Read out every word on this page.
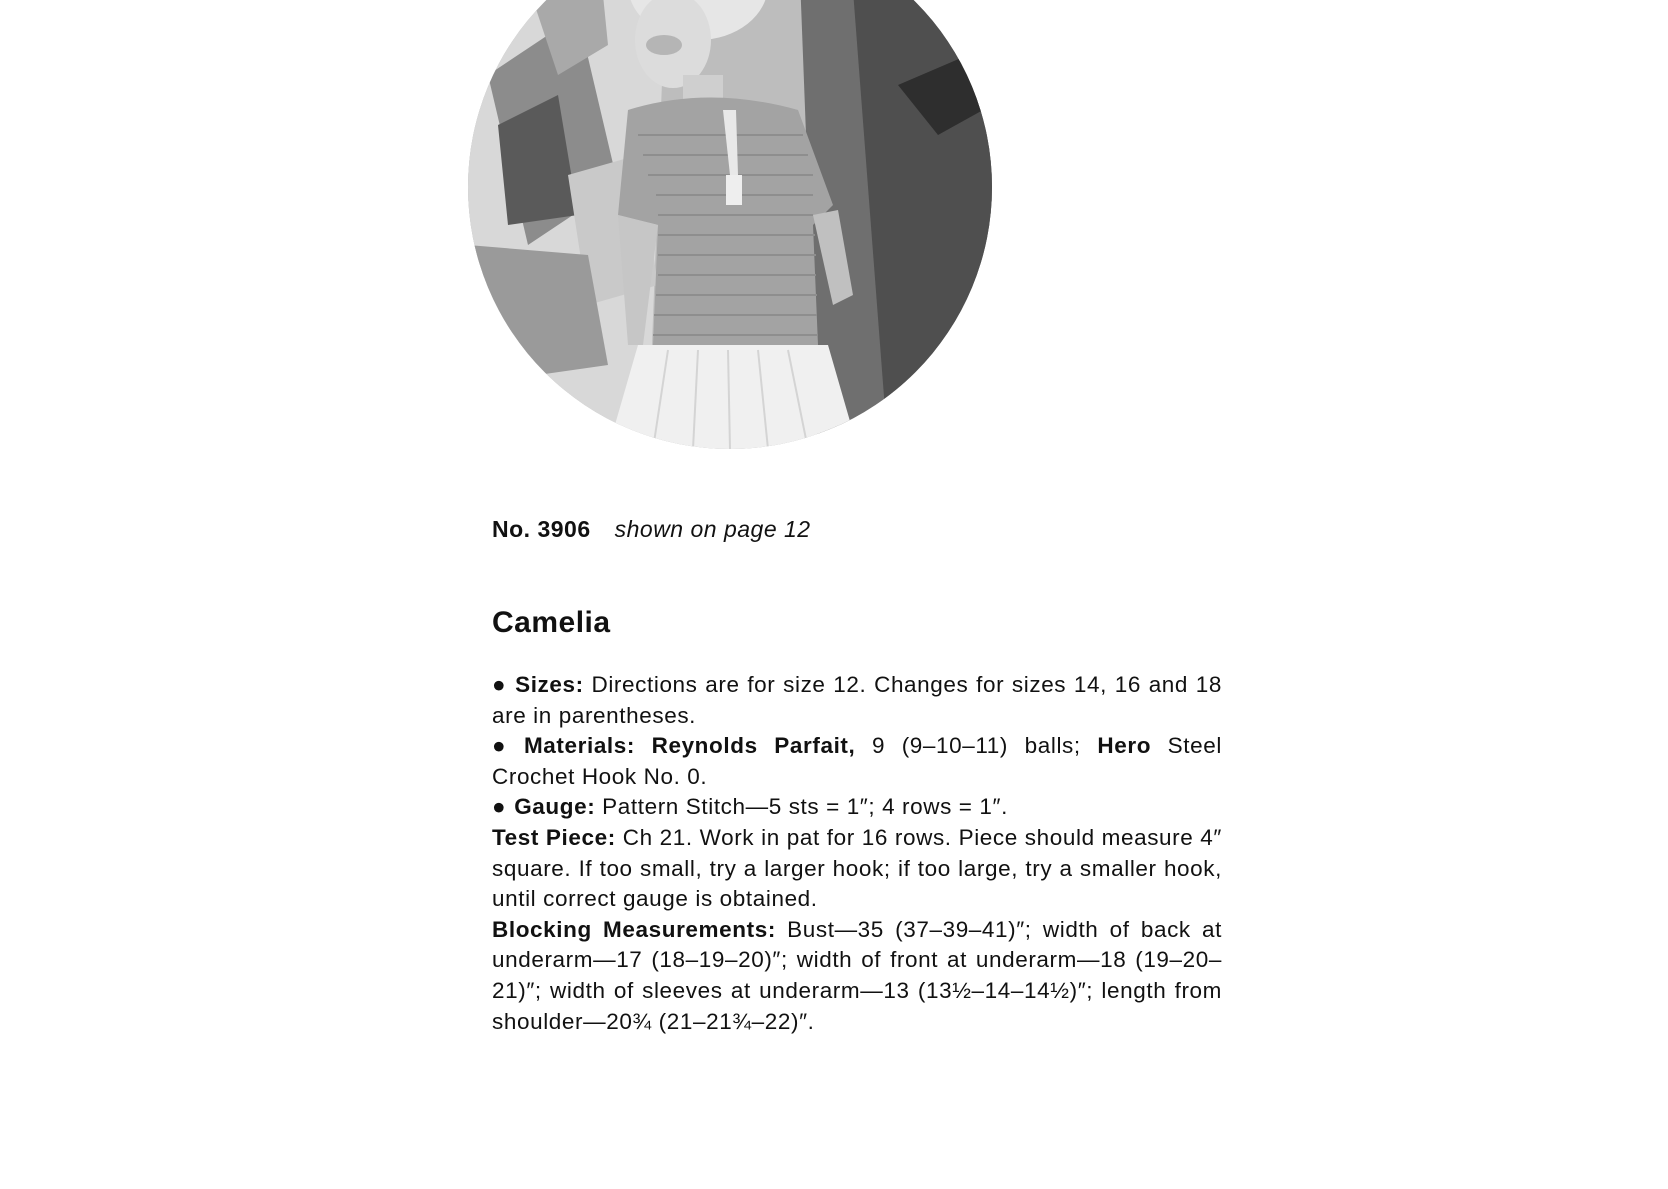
No. 3906 shown on page 12
Camelia

● Sizes: Directions are for size 12. Changes for sizes 14, 16 and 18 are in parentheses.

● Materials: Reynolds Parfait, 9 (9–10–11) balls; Hero Steel Crochet Hook No. 0.

● Gauge: Pattern Stitch—5 sts = 1″; 4 rows = 1″.

Test Piece: Ch 21. Work in pat for 16 rows. Piece should measure 4″ square. If too small, try a larger hook; if too large, try a smaller hook, until correct gauge is obtained.

Blocking Measurements: Bust—35 (37–39–41)″; width of back at underarm—17 (18–19–20)″; width of front at underarm—18 (19–20–21)″; width of sleeves at underarm—13 (13½–14–14½)″; length from shoulder—20¾ (21–21¾–22)″.
